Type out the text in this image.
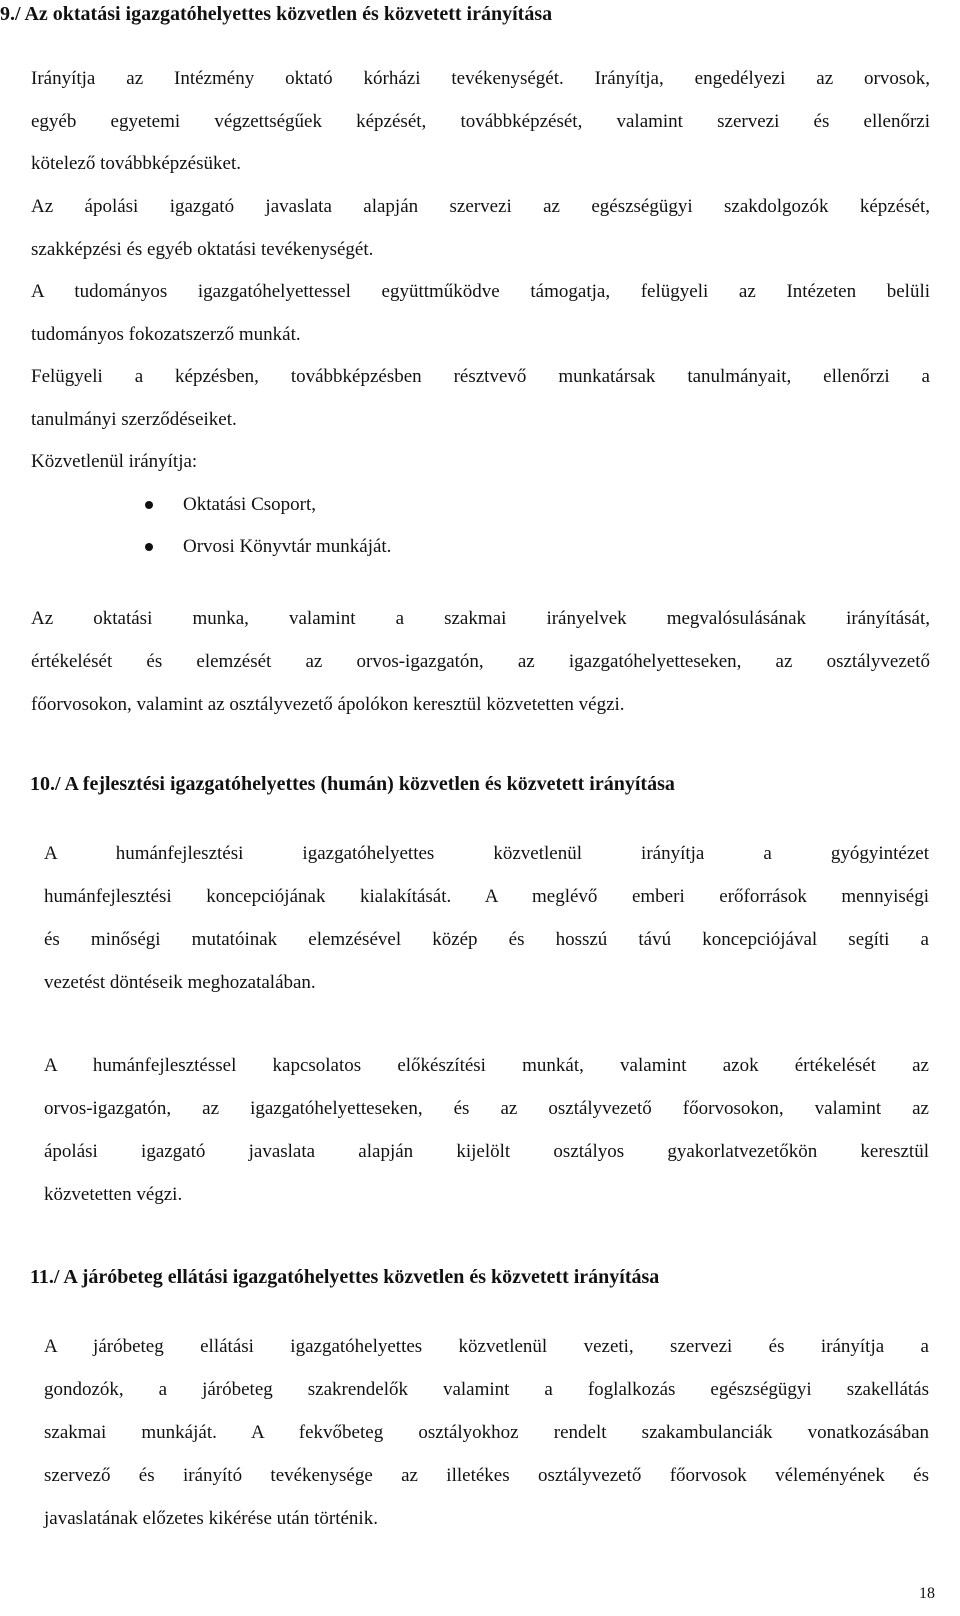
9./ Az oktatási igazgatóhelyettes közvetlen és közvetett irányítása

Irányítja az Intézmény oktató kórházi tevékenységét. Irányítja, engedélyezi az orvosok,
egyéb egyetemi végzettségűek képzését, továbbképzését, valamint szervezi és ellenőrzi
kötelező továbbképzésüket.

Az ápolási igazgató javaslata alapján szervezi az egészségügyi szakdolgozók képzését,
szakképzési és egyéb oktatási tevékenységét.

A tudományos igazgatóhelyettessel együttműködve támogatja, felügyeli az Intézeten belüli
tudományos fokozatszerző munkát.

Felügyeli a képzésben, továbbképzésben résztvevő munkatársak tanulmányait, ellenőrzi a
tanulmányi szerződéseiket.

Közvetlenül irányítja:

Oktatási Csoport,
Orvosi Könyvtár munkáját.

Az oktatási munka, valamint a szakmai irányelvek megvalósulásának irányítását,
értékelését és elemzését az orvos-igazgatón, az igazgatóhelyetteseken, az osztályvezető
főorvosokon, valamint az osztályvezető ápolókon keresztül közvetetten végzi.

10./ A fejlesztési igazgatóhelyettes (humán) közvetlen és közvetett irányítása

A humánfejlesztési igazgatóhelyettes közvetlenül irányítja a gyógyintézet
humánfejlesztési koncepciójának kialakítását. A meglévő emberi erőforrások mennyiségi
és minőségi mutatóinak elemzésével közép és hosszú távú koncepciójával segíti a
vezetést döntéseik meghozatalában.

A humánfejlesztéssel kapcsolatos előkészítési munkát, valamint azok értékelését az
orvos-igazgatón, az igazgatóhelyetteseken, és az osztályvezető főorvosokon, valamint az
ápolási igazgató javaslata alapján kijelölt osztályos gyakorlatvezetőkön keresztül
közvetetten végzi.

11./ A járóbeteg ellátási igazgatóhelyettes közvetlen és közvetett irányítása

A járóbeteg ellátási igazgatóhelyettes közvetlenül vezeti, szervezi és irányítja a
gondozók, a járóbeteg szakrendelők valamint a foglalkozás egészségügyi szakellátás
szakmai munkáját. A fekvőbeteg osztályokhoz rendelt szakambulanciák vonatkozásában
szervező és irányító tevékenysége az illetékes osztályvezető főorvosok véleményének és
javaslatának előzetes kikérése után történik.

18
